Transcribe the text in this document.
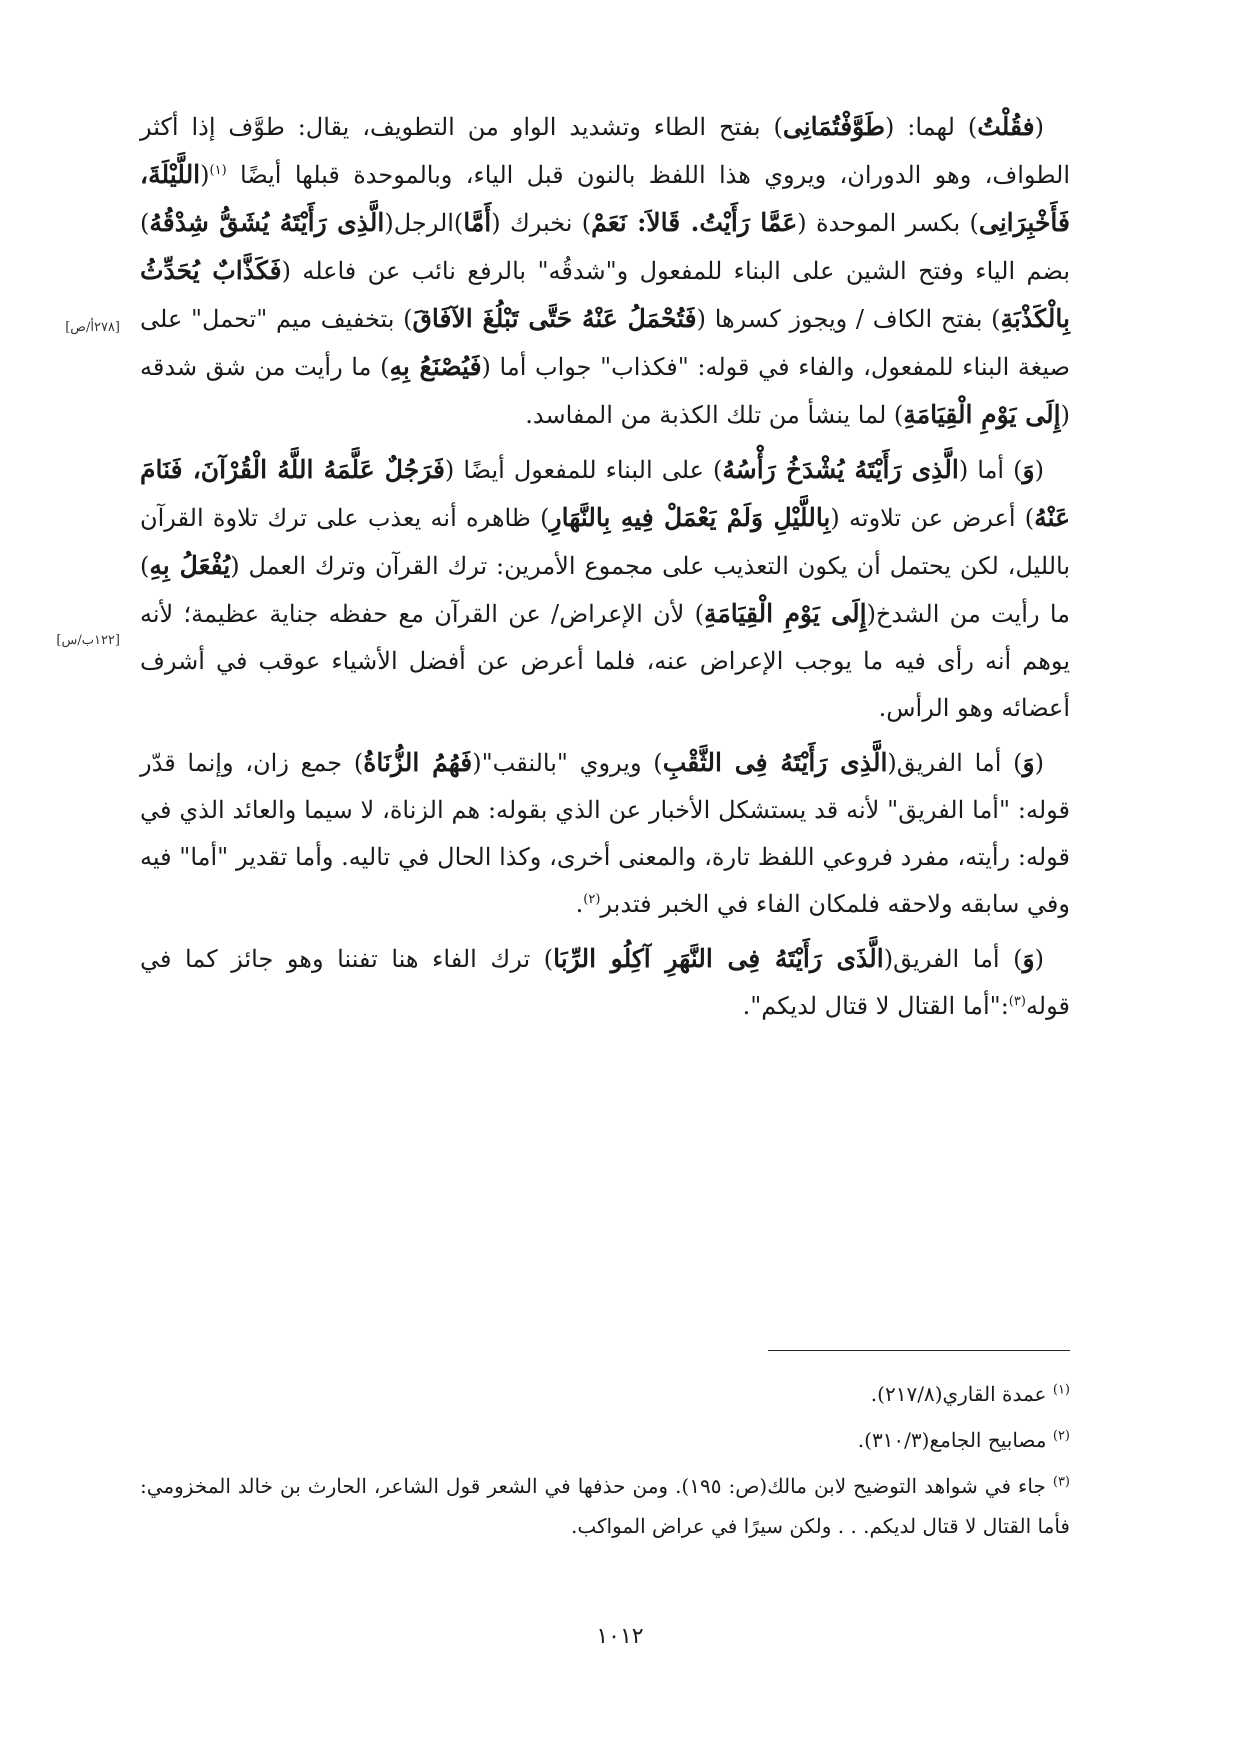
(فقُلْتُ) لهما: (طَوَّفْتُمَانِى) بفتح الطاء وتشديد الواو من التطويف، يقال: طوَّف إذا أكثر الطواف، وهو الدوران، ويروي هذا اللفظ بالنون قبل الياء، وبالموحدة قبلها أيضًا $^{(١)}$(اللَّيْلَةَ، فَأَخْبِرَانِى) بكسر الموحدة (عَمَّا رَأَيْتُ. قَالاَ: نَعَمْ) نخبرك (أَمَّا)الرجل(الَّذِى رَأَيْتَهُ يُشَقُّ شِدْقُهُ) بضم الياء وفتح الشين على البناء للمفعول و"شدقُه" بالرفع نائب عن فاعله (فَكَذَّابٌ يُحَدِّثُ بِالْكَذْبَةِ) بفتح الكاف / ويجوز كسرها (فَتُحْمَلُ عَنْهُ حَتَّى تَبْلُغَ الآفَاقَ) بتخفيف ميم "تحمل" على صيغة البناء للمفعول، والفاء في قوله: "فكذاب" جواب أما (فَيُصْنَعُ بِهِ) ما رأيت من شق شدقه (إِلَى يَوْمِ الْقِيَامَةِ) لما ينشأ من تلك الكذبة من المفاسد.

(وَ) أما (الَّذِى رَأَيْتَهُ يُشْدَخُ رَأْسُهُ) على البناء للمفعول أيضًا (فَرَجُلٌ عَلَّمَهُ اللَّهُ الْقُرْآنَ، فَنَامَ عَنْهُ) أعرض عن تلاوته (بِاللَّيْلِ وَلَمْ يَعْمَلْ فِيهِ بِالنَّهَارِ) ظاهره أنه يعذب على ترك تلاوة القرآن بالليل، لكن يحتمل أن يكون التعذيب على مجموع الأمرين: ترك القرآن وترك العمل (يُفْعَلُ بِهِ) ما رأيت من الشدخ(إِلَى يَوْمِ الْقِيَامَةِ) لأن الإعراض/ عن القرآن مع حفظه جناية عظيمة؛ لأنه يوهم أنه رأى فيه ما يوجب الإعراض عنه، فلما أعرض عن أفضل الأشياء عوقب في أشرف أعضائه وهو الرأس.

(وَ) أما الفريق(الَّذِى رَأَيْتَهُ فِى الثَّقْبِ) ويروي "بالنقب"(فَهُمُ الزُّنَاةُ) جمع زان، وإنما قدّر قوله: "أما الفريق" لأنه قد يستشكل الأخبار عن الذي بقوله: هم الزناة، لا سيما والعائد الذي في قوله: رأيته، مفرد فروعي اللفظ تارة، والمعنى أخرى، وكذا الحال في تاليه. وأما تقدير "أما" فيه وفي سابقه ولاحقه فلمكان الفاء في الخبر فتدبر$^{(٢)}$.

(وَ) أما الفريق(الَّذَى رَأَيْتَهُ فِى النَّهَرِ آكِلُو الرِّبَا) ترك الفاء هنا تفننا وهو جائز كما في قوله$^{(٣)}$:"أما القتال لا قتال لديكم".

[٢٧٨أ/ص]
[١٢٢ب/س]

$^{(١)}$ عمدة القاري(٢١٧/٨).

$^{(٢)}$ مصابيح الجامع(٣١٠/٣).

$^{(٣)}$ جاء في شواهد التوضيح لابن مالك(ص: ١٩٥). ومن حذفها في الشعر قول الشاعر، الحارث بن خالد المخزومي: فأما القتال لا قتال لديكم. . . ولكن سيرًا في عراض المواكب.

١٠١٢
